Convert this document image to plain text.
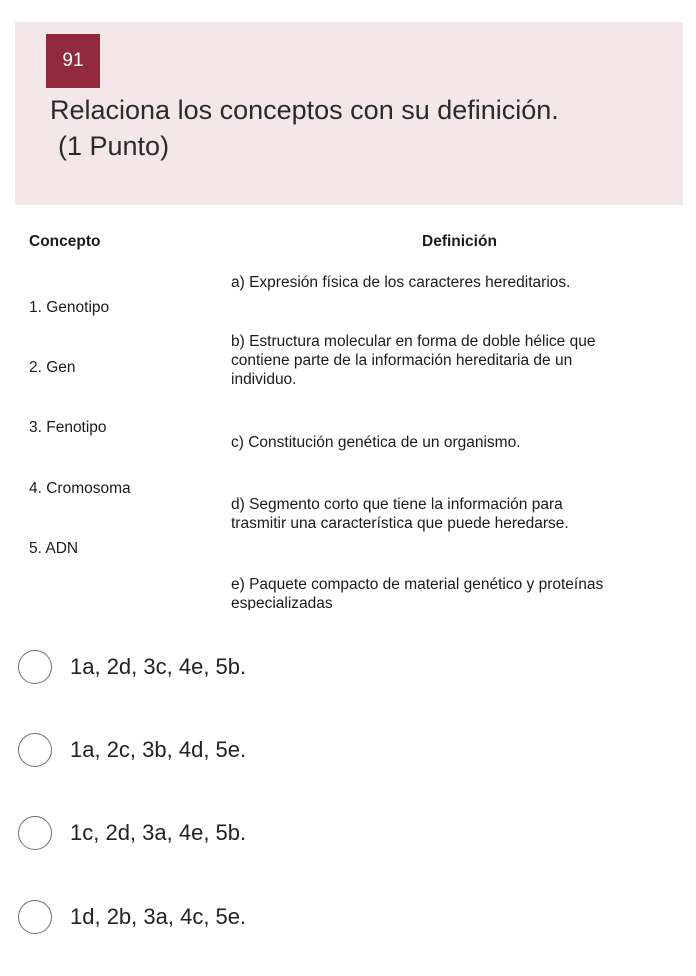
91
Relaciona los conceptos con su definición.
(1 Punto)
Concepto	Definición
1. Genotipo
2. Gen
3. Fenotipo
4. Cromosoma
5. ADN
a) Expresión física de los caracteres hereditarios.
b) Estructura molecular en forma de doble hélice que
contiene parte de la información hereditaria de un
individuo.
c) Constitución genética de un organismo.
d) Segmento corto que tiene la información para
trasmitir una característica que puede heredarse.
e) Paquete compacto de material genético y proteínas
especializadas
1a, 2d, 3c, 4e, 5b.
1a, 2c, 3b, 4d, 5e.
1c, 2d, 3a, 4e, 5b.
1d, 2b, 3a, 4c, 5e.
